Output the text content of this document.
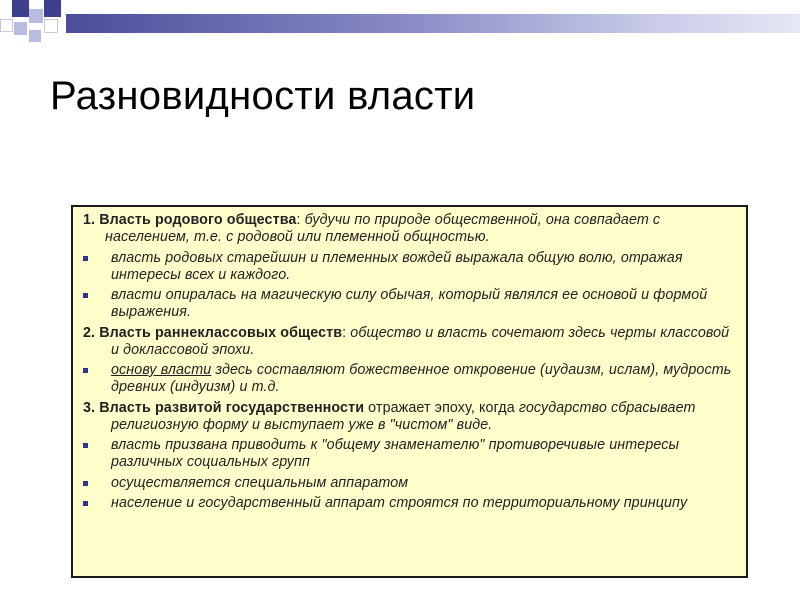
Разновидности власти
1. Власть родового общества: будучи по природе общественной, она совпадает с населением, т.е. с родовой или племенной общностью.
власть родовых старейшин и племенных вождей выражала общую волю, отражая интересы всех и каждого.
власти опиралась на магическую силу обычая, который являлся ее основой и формой выражения.
2. Власть раннеклассовых обществ: общество и власть сочетают здесь черты классовой и доклассовой эпохи.
основу власти здесь составляют божественное откровение (иудаизм, ислам), мудрость древних (индуизм) и т.д.
3. Власть развитой государственности отражает эпоху, когда государство сбрасывает религиозную форму и выступает уже в "чистом" виде.
власть призвана приводить к "общему знаменателю" противоречивые интересы различных социальных групп
осуществляется специальным аппаратом
население и государственный аппарат строятся по территориальному принципу
